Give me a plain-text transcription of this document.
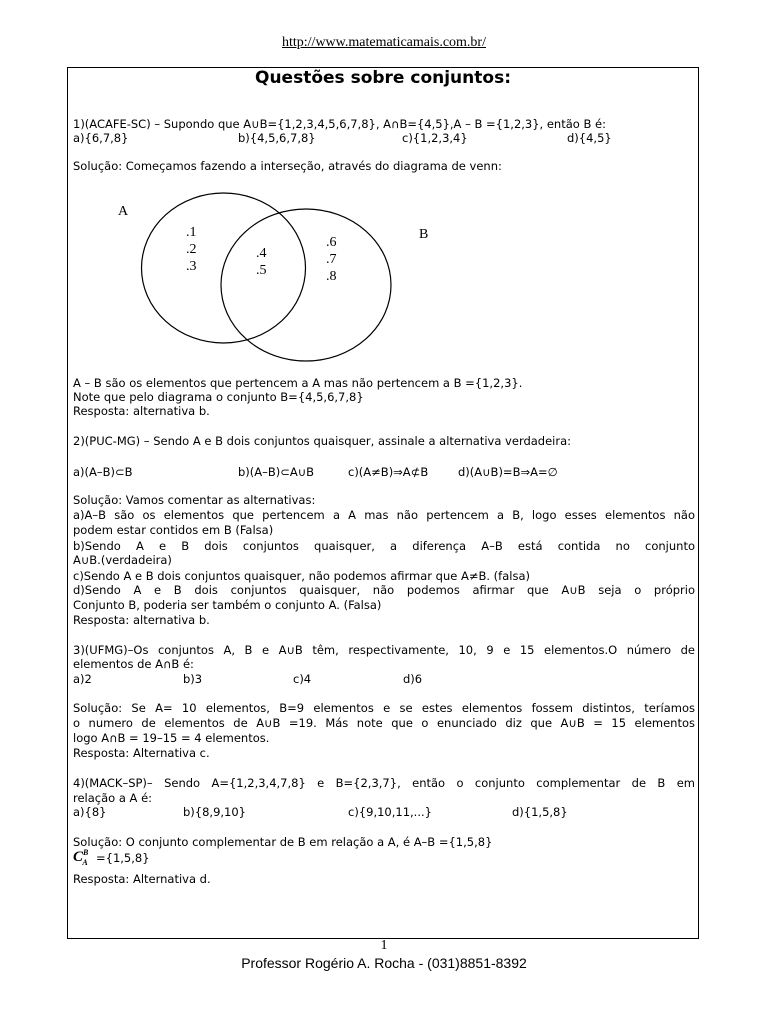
http://www.matematicamais.com.br/
Questões sobre conjuntos:
1)(ACAFE-SC) – Supondo que A∪B={1,2,3,4,5,6,7,8}, A∩B={4,5},A – B ={1,2,3}, então B é:
a){6,7,8}	b){4,5,6,7,8}	c){1,2,3,4}	d){4,5}
Solução: Começamos fazendo a interseção, através do diagrama de venn:
A
B
.1
.2
.3
.4
.5
.6
.7
.8
A – B são os elementos que pertencem a A mas não pertencem a B ={1,2,3}.
Note que pelo diagrama o conjunto B={4,5,6,7,8}
Resposta: alternativa b.
2)(PUC-MG) – Sendo A e B dois conjuntos quaisquer, assinale a alternativa verdadeira:
a)(A–B)⊂B	b)(A–B)⊂A∪B	c)(A≠B)⇒A⊄B	d)(A∪B)=B⇒A=∅
Solução: Vamos comentar as alternativas:
a)A–B são os elementos que pertencem a A mas não pertencem a B, logo esses elementos não
podem estar contidos em B (Falsa)
b)Sendo A e B dois conjuntos quaisquer, a diferença A–B está contida no conjunto
A∪B.(verdadeira)
c)Sendo A e B dois conjuntos quaisquer, não podemos afirmar que A≠B. (falsa)
d)Sendo A e B dois conjuntos quaisquer, não podemos afirmar que A∪B seja o próprio
Conjunto B, poderia ser também o conjunto A. (Falsa)
Resposta: alternativa b.
3)(UFMG)–Os conjuntos A, B e A∪B têm, respectivamente, 10, 9 e 15 elementos.O número de
elementos de A∩B é:
a)2	b)3	c)4	d)6
Solução: Se A= 10 elementos, B=9 elementos e se estes elementos fossem distintos, teríamos
o numero de elementos de A∪B =19. Más note que o enunciado diz que A∪B = 15 elementos
logo A∩B = 19–15 = 4 elementos.
Resposta: Alternativa c.
4)(MACK–SP)– Sendo A={1,2,3,4,7,8} e B={2,3,7}, então o conjunto complementar de B em
relação a A é:
a){8}	b){8,9,10}	c){9,10,11,...}	d){1,5,8}
Solução: O conjunto complementar de B em relação a A, é A–B ={1,5,8}
$C^B_A =\{1,5,8\}$
Resposta: Alternativa d.
1
Professor Rogério A. Rocha - (031)8851-8392
